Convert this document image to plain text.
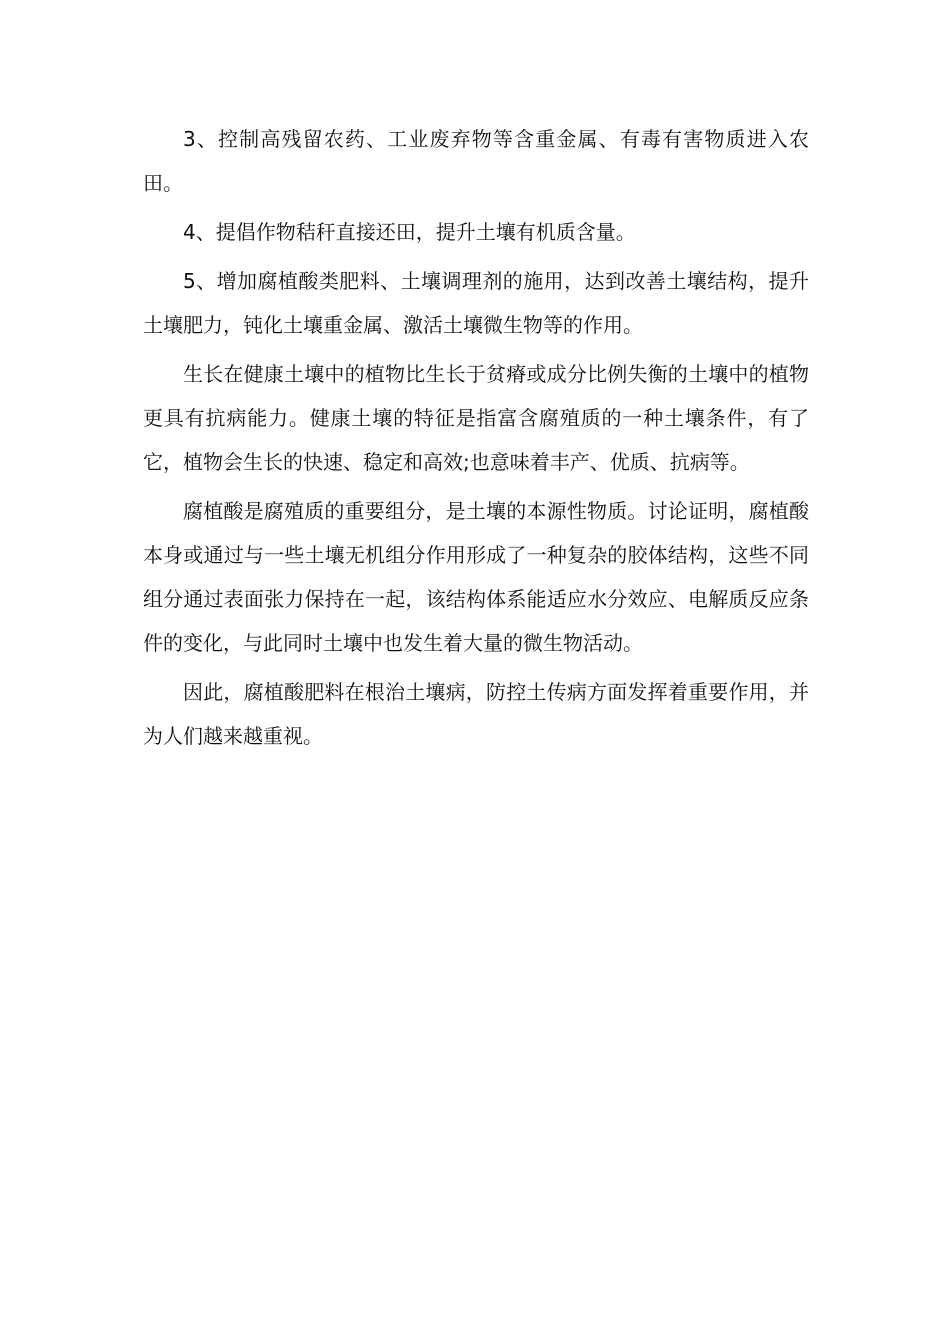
3、控制高残留农药、工业废弃物等含重金属、有毒有害物质进入农田。

4、提倡作物秸秆直接还田，提升土壤有机质含量。

5、增加腐植酸类肥料、土壤调理剂的施用，达到改善土壤结构，提升土壤肥力，钝化土壤重金属、激活土壤微生物等的作用。

生长在健康土壤中的植物比生长于贫瘠或成分比例失衡的土壤中的植物更具有抗病能力。健康土壤的特征是指富含腐殖质的一种土壤条件，有了它，植物会生长的快速、稳定和高效;也意味着丰产、优质、抗病等。

腐植酸是腐殖质的重要组分，是土壤的本源性物质。讨论证明，腐植酸本身或通过与一些土壤无机组分作用形成了一种复杂的胶体结构，这些不同组分通过表面张力保持在一起，该结构体系能适应水分效应、电解质反应条件的变化，与此同时土壤中也发生着大量的微生物活动。

因此，腐植酸肥料在根治土壤病，防控土传病方面发挥着重要作用，并为人们越来越重视。
